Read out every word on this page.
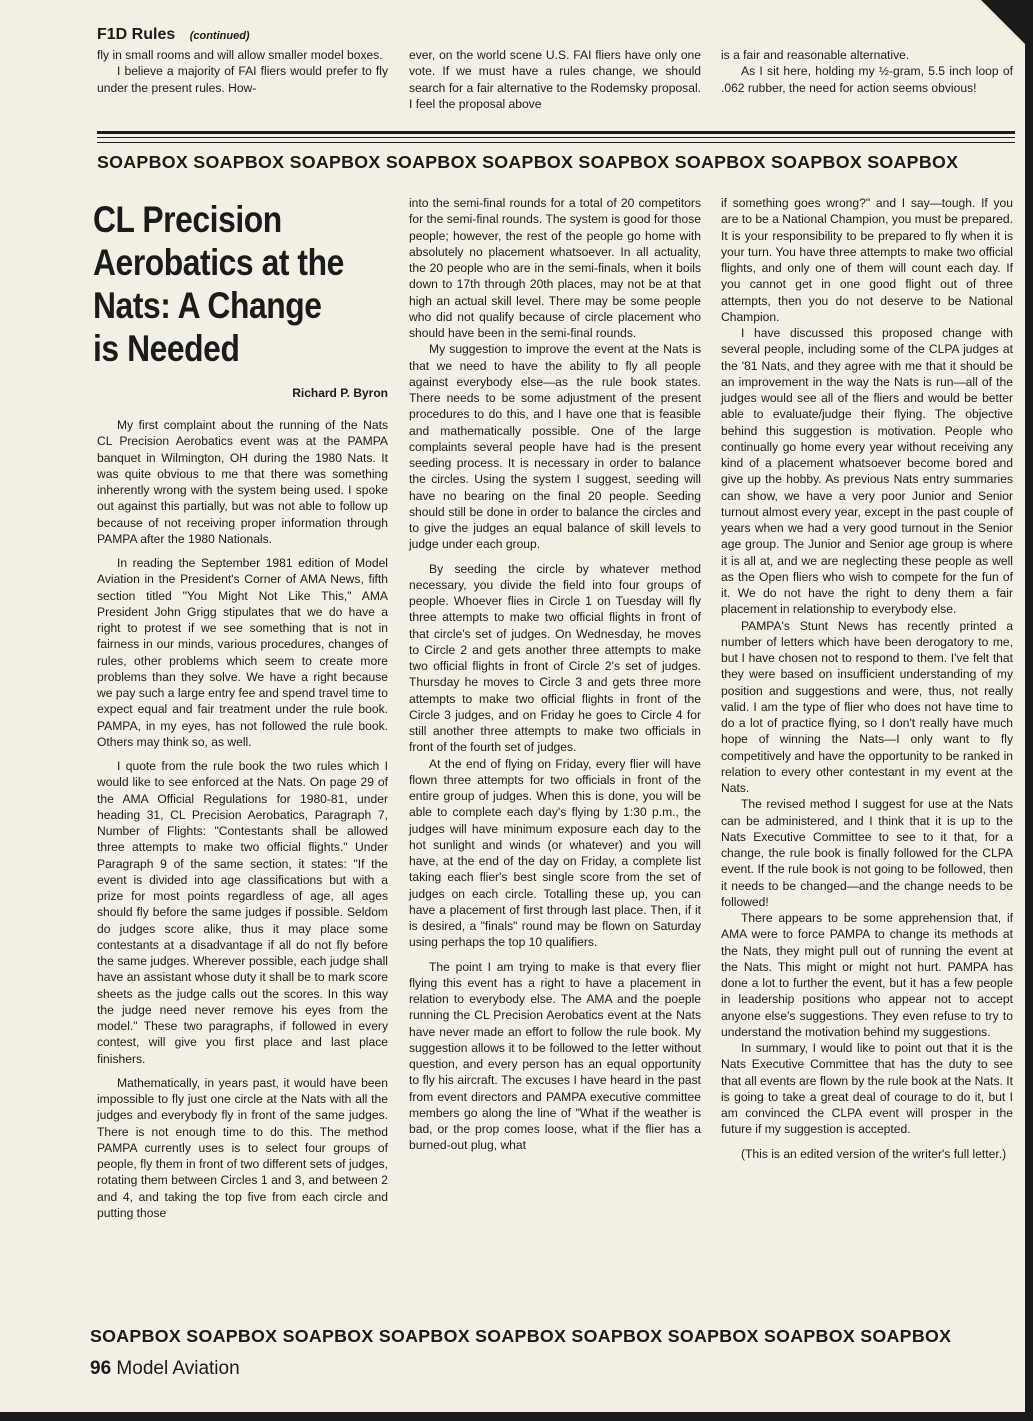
F1D Rules (continued)

fly in small rooms and will allow smaller model boxes.

I believe a majority of FAI fliers would prefer to fly under the present rules. How-

ever, on the world scene U.S. FAI fliers have only one vote. If we must have a rules change, we should search for a fair alternative to the Rodemsky proposal. I feel the proposal above

is a fair and reasonable alternative.

As I sit here, holding my ½-gram, 5.5 inch loop of .062 rubber, the need for action seems obvious!

SOAPBOX SOAPBOX SOAPBOX SOAPBOX SOAPBOX SOAPBOX SOAPBOX SOAPBOX SOAPBOX
CL Precision Aerobatics at the Nats: A Change is Needed
Richard P. Byron

My first complaint about the running of the Nats CL Precision Aerobatics event was at the PAMPA banquet in Wilmington, OH during the 1980 Nats. It was quite obvious to me that there was something inherently wrong with the system being used. I spoke out against this partially, but was not able to follow up because of not receiving proper information through PAMPA after the 1980 Nationals.

In reading the September 1981 edition of Model Aviation in the President's Corner of AMA News, fifth section titled "You Might Not Like This," AMA President John Grigg stipulates that we do have a right to protest if we see something that is not in fairness in our minds, various procedures, changes of rules, other problems which seem to create more problems than they solve. We have a right because we pay such a large entry fee and spend travel time to expect equal and fair treatment under the rule book. PAMPA, in my eyes, has not followed the rule book. Others may think so, as well.

I quote from the rule book the two rules which I would like to see enforced at the Nats. On page 29 of the AMA Official Regulations for 1980-81, under heading 31, CL Precision Aerobatics, Paragraph 7, Number of Flights: "Contestants shall be allowed three attempts to make two official flights." Under Paragraph 9 of the same section, it states: "If the event is divided into age classifications but with a prize for most points regardless of age, all ages should fly before the same judges if possible. Seldom do judges score alike, thus it may place some contestants at a disadvantage if all do not fly before the same judges. Wherever possible, each judge shall have an assistant whose duty it shall be to mark score sheets as the judge calls out the scores. In this way the judge need never remove his eyes from the model." These two paragraphs, if followed in every contest, will give you first place and last place finishers.

Mathematically, in years past, it would have been impossible to fly just one circle at the Nats with all the judges and everybody fly in front of the same judges. There is not enough time to do this. The method PAMPA currently uses is to select four groups of people, fly them in front of two different sets of judges, rotating them between Circles 1 and 3, and between 2 and 4, and taking the top five from each circle and putting those

into the semi-final rounds for a total of 20 competitors for the semi-final rounds. The system is good for those people; however, the rest of the people go home with absolutely no placement whatsoever. In all actuality, the 20 people who are in the semi-finals, when it boils down to 17th through 20th places, may not be at that high an actual skill level. There may be some people who did not qualify because of circle placement who should have been in the semi-final rounds.

My suggestion to improve the event at the Nats is that we need to have the ability to fly all people against everybody else—as the rule book states. There needs to be some adjustment of the present procedures to do this, and I have one that is feasible and mathematically possible. One of the large complaints several people have had is the present seeding process. It is necessary in order to balance the circles. Using the system I suggest, seeding will have no bearing on the final 20 people. Seeding should still be done in order to balance the circles and to give the judges an equal balance of skill levels to judge under each group.

By seeding the circle by whatever method necessary, you divide the field into four groups of people. Whoever flies in Circle 1 on Tuesday will fly three attempts to make two official flights in front of that circle's set of judges. On Wednesday, he moves to Circle 2 and gets another three attempts to make two official flights in front of Circle 2's set of judges. Thursday he moves to Circle 3 and gets three more attempts to make two official flights in front of the Circle 3 judges, and on Friday he goes to Circle 4 for still another three attempts to make two officials in front of the fourth set of judges.

At the end of flying on Friday, every flier will have flown three attempts for two officials in front of the entire group of judges. When this is done, you will be able to complete each day's flying by 1:30 p.m., the judges will have minimum exposure each day to the hot sunlight and winds (or whatever) and you will have, at the end of the day on Friday, a complete list taking each flier's best single score from the set of judges on each circle. Totalling these up, you can have a placement of first through last place. Then, if it is desired, a "finals" round may be flown on Saturday using perhaps the top 10 qualifiers.

The point I am trying to make is that every flier flying this event has a right to have a placement in relation to everybody else. The AMA and the poeple running the CL Precision Aerobatics event at the Nats have never made an effort to follow the rule book. My suggestion allows it to be followed to the letter without question, and every person has an equal opportunity to fly his aircraft. The excuses I have heard in the past from event directors and PAMPA executive committee members go along the line of "What if the weather is bad, or the prop comes loose, what if the flier has a burned-out plug, what

if something goes wrong?" and I say—tough. If you are to be a National Champion, you must be prepared. It is your responsibility to be prepared to fly when it is your turn. You have three attempts to make two official flights, and only one of them will count each day. If you cannot get in one good flight out of three attempts, then you do not deserve to be National Champion.

I have discussed this proposed change with several people, including some of the CLPA judges at the '81 Nats, and they agree with me that it should be an improvement in the way the Nats is run—all of the judges would see all of the fliers and would be better able to evaluate/judge their flying. The objective behind this suggestion is motivation. People who continually go home every year without receiving any kind of a placement whatsoever become bored and give up the hobby. As previous Nats entry summaries can show, we have a very poor Junior and Senior turnout almost every year, except in the past couple of years when we had a very good turnout in the Senior age group. The Junior and Senior age group is where it is all at, and we are neglecting these people as well as the Open fliers who wish to compete for the fun of it. We do not have the right to deny them a fair placement in relationship to everybody else.

PAMPA's Stunt News has recently printed a number of letters which have been derogatory to me, but I have chosen not to respond to them. I've felt that they were based on insufficient understanding of my position and suggestions and were, thus, not really valid. I am the type of flier who does not have time to do a lot of practice flying, so I don't really have much hope of winning the Nats—I only want to fly competitively and have the opportunity to be ranked in relation to every other contestant in my event at the Nats.

The revised method I suggest for use at the Nats can be administered, and I think that it is up to the Nats Executive Committee to see to it that, for a change, the rule book is finally followed for the CLPA event. If the rule book is not going to be followed, then it needs to be changed—and the change needs to be followed!

There appears to be some apprehension that, if AMA were to force PAMPA to change its methods at the Nats, they might pull out of running the event at the Nats. This might or might not hurt. PAMPA has done a lot to further the event, but it has a few people in leadership positions who appear not to accept anyone else's suggestions. They even refuse to try to understand the motivation behind my suggestions.

In summary, I would like to point out that it is the Nats Executive Committee that has the duty to see that all events are flown by the rule book at the Nats. It is going to take a great deal of courage to do it, but I am convinced the CLPA event will prosper in the future if my suggestion is accepted.

(This is an edited version of the writer's full letter.)

SOAPBOX SOAPBOX SOAPBOX SOAPBOX SOAPBOX SOAPBOX SOAPBOX SOAPBOX SOAPBOX
96 Model Aviation
